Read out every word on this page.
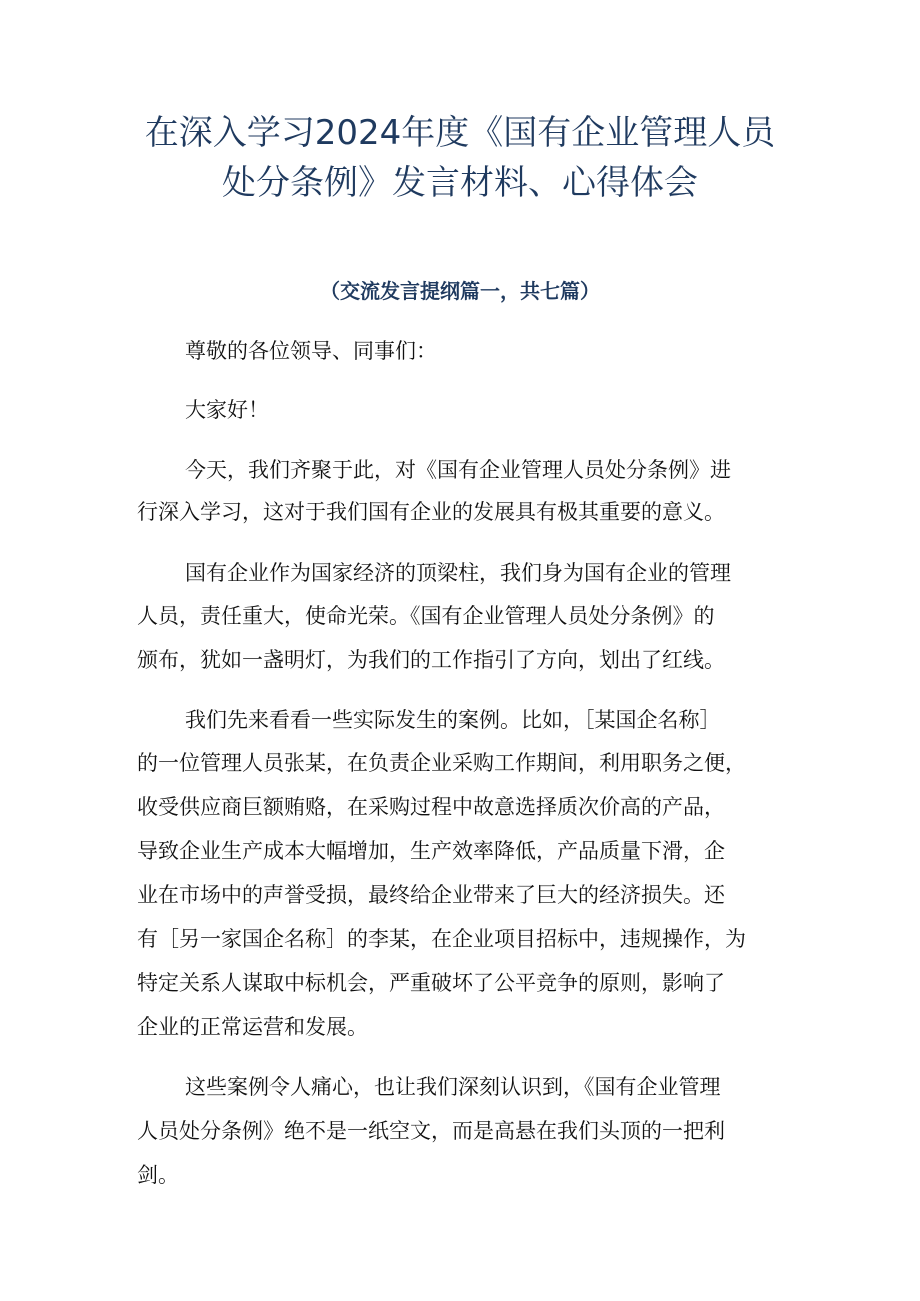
在深入学习2024年度《国有企业管理人员
处分条例》发言材料、心得体会
（交流发言提纲篇一，共七篇）
尊敬的各位领导、同事们：
大家好！
今天，我们齐聚于此，对《国有企业管理人员处分条例》进
行深入学习，这对于我们国有企业的发展具有极其重要的意义。
国有企业作为国家经济的顶梁柱，我们身为国有企业的管理
人员，责任重大，使命光荣。《国有企业管理人员处分条例》的
颁布，犹如一盏明灯，为我们的工作指引了方向，划出了红线。
我们先来看看一些实际发生的案例。比如，［某国企名称］
的一位管理人员张某，在负责企业采购工作期间，利用职务之便，
收受供应商巨额贿赂，在采购过程中故意选择质次价高的产品，
导致企业生产成本大幅增加，生产效率降低，产品质量下滑，企
业在市场中的声誉受损，最终给企业带来了巨大的经济损失。还
有［另一家国企名称］的李某，在企业项目招标中，违规操作，为
特定关系人谋取中标机会，严重破坏了公平竞争的原则，影响了
企业的正常运营和发展。
这些案例令人痛心，也让我们深刻认识到，《国有企业管理
人员处分条例》绝不是一纸空文，而是高悬在我们头顶的一把利
剑。
